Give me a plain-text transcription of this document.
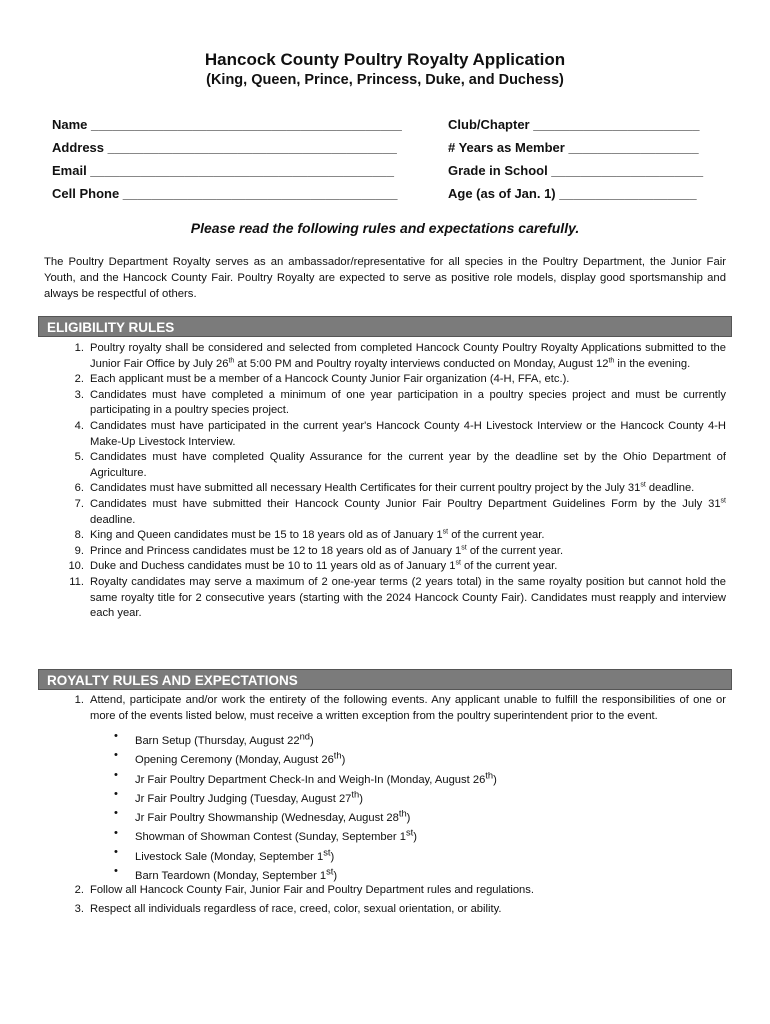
Hancock County Poultry Royalty Application
(King, Queen, Prince, Princess, Duke, and Duchess)
Name ___________________________________________	Club/Chapter _______________________
Address ________________________________________	# Years as Member __________________
Email __________________________________________	Grade in School _____________________
Cell Phone ______________________________________	Age (as of Jan. 1) ___________________
Please read the following rules and expectations carefully.
The Poultry Department Royalty serves as an ambassador/representative for all species in the Poultry Department, the Junior Fair Youth, and the Hancock County Fair. Poultry Royalty are expected to serve as positive role models, display good sportsmanship and always be respectful of others.
ELIGIBILITY RULES
1. Poultry royalty shall be considered and selected from completed Hancock County Poultry Royalty Applications submitted to the Junior Fair Office by July 26th at 5:00 PM and Poultry royalty interviews conducted on Monday, August 12th in the evening.
2. Each applicant must be a member of a Hancock County Junior Fair organization (4-H, FFA, etc.).
3. Candidates must have completed a minimum of one year participation in a poultry species project and must be currently participating in a poultry species project.
4. Candidates must have participated in the current year's Hancock County 4-H Livestock Interview or the Hancock County 4-H Make-Up Livestock Interview.
5. Candidates must have completed Quality Assurance for the current year by the deadline set by the Ohio Department of Agriculture.
6. Candidates must have submitted all necessary Health Certificates for their current poultry project by the July 31st deadline.
7. Candidates must have submitted their Hancock County Junior Fair Poultry Department Guidelines Form by the July 31st deadline.
8. King and Queen candidates must be 15 to 18 years old as of January 1st of the current year.
9. Prince and Princess candidates must be 12 to 18 years old as of January 1st of the current year.
10. Duke and Duchess candidates must be 10 to 11 years old as of January 1st of the current year.
11. Royalty candidates may serve a maximum of 2 one-year terms (2 years total) in the same royalty position but cannot hold the same royalty title for 2 consecutive years (starting with the 2024 Hancock County Fair). Candidates must reapply and interview each year.
ROYALTY RULES AND EXPECTATIONS
1. Attend, participate and/or work the entirety of the following events. Any applicant unable to fulfill the responsibilities of one or more of the events listed below, must receive a written exception from the poultry superintendent prior to the event.
• Barn Setup (Thursday, August 22nd)
• Opening Ceremony (Monday, August 26th)
• Jr Fair Poultry Department Check-In and Weigh-In (Monday, August 26th)
• Jr Fair Poultry Judging (Tuesday, August 27th)
• Jr Fair Poultry Showmanship (Wednesday, August 28th)
• Showman of Showman Contest (Sunday, September 1st)
• Livestock Sale (Monday, September 1st)
• Barn Teardown (Monday, September 1st)
2. Follow all Hancock County Fair, Junior Fair and Poultry Department rules and regulations.
3. Respect all individuals regardless of race, creed, color, sexual orientation, or ability.
